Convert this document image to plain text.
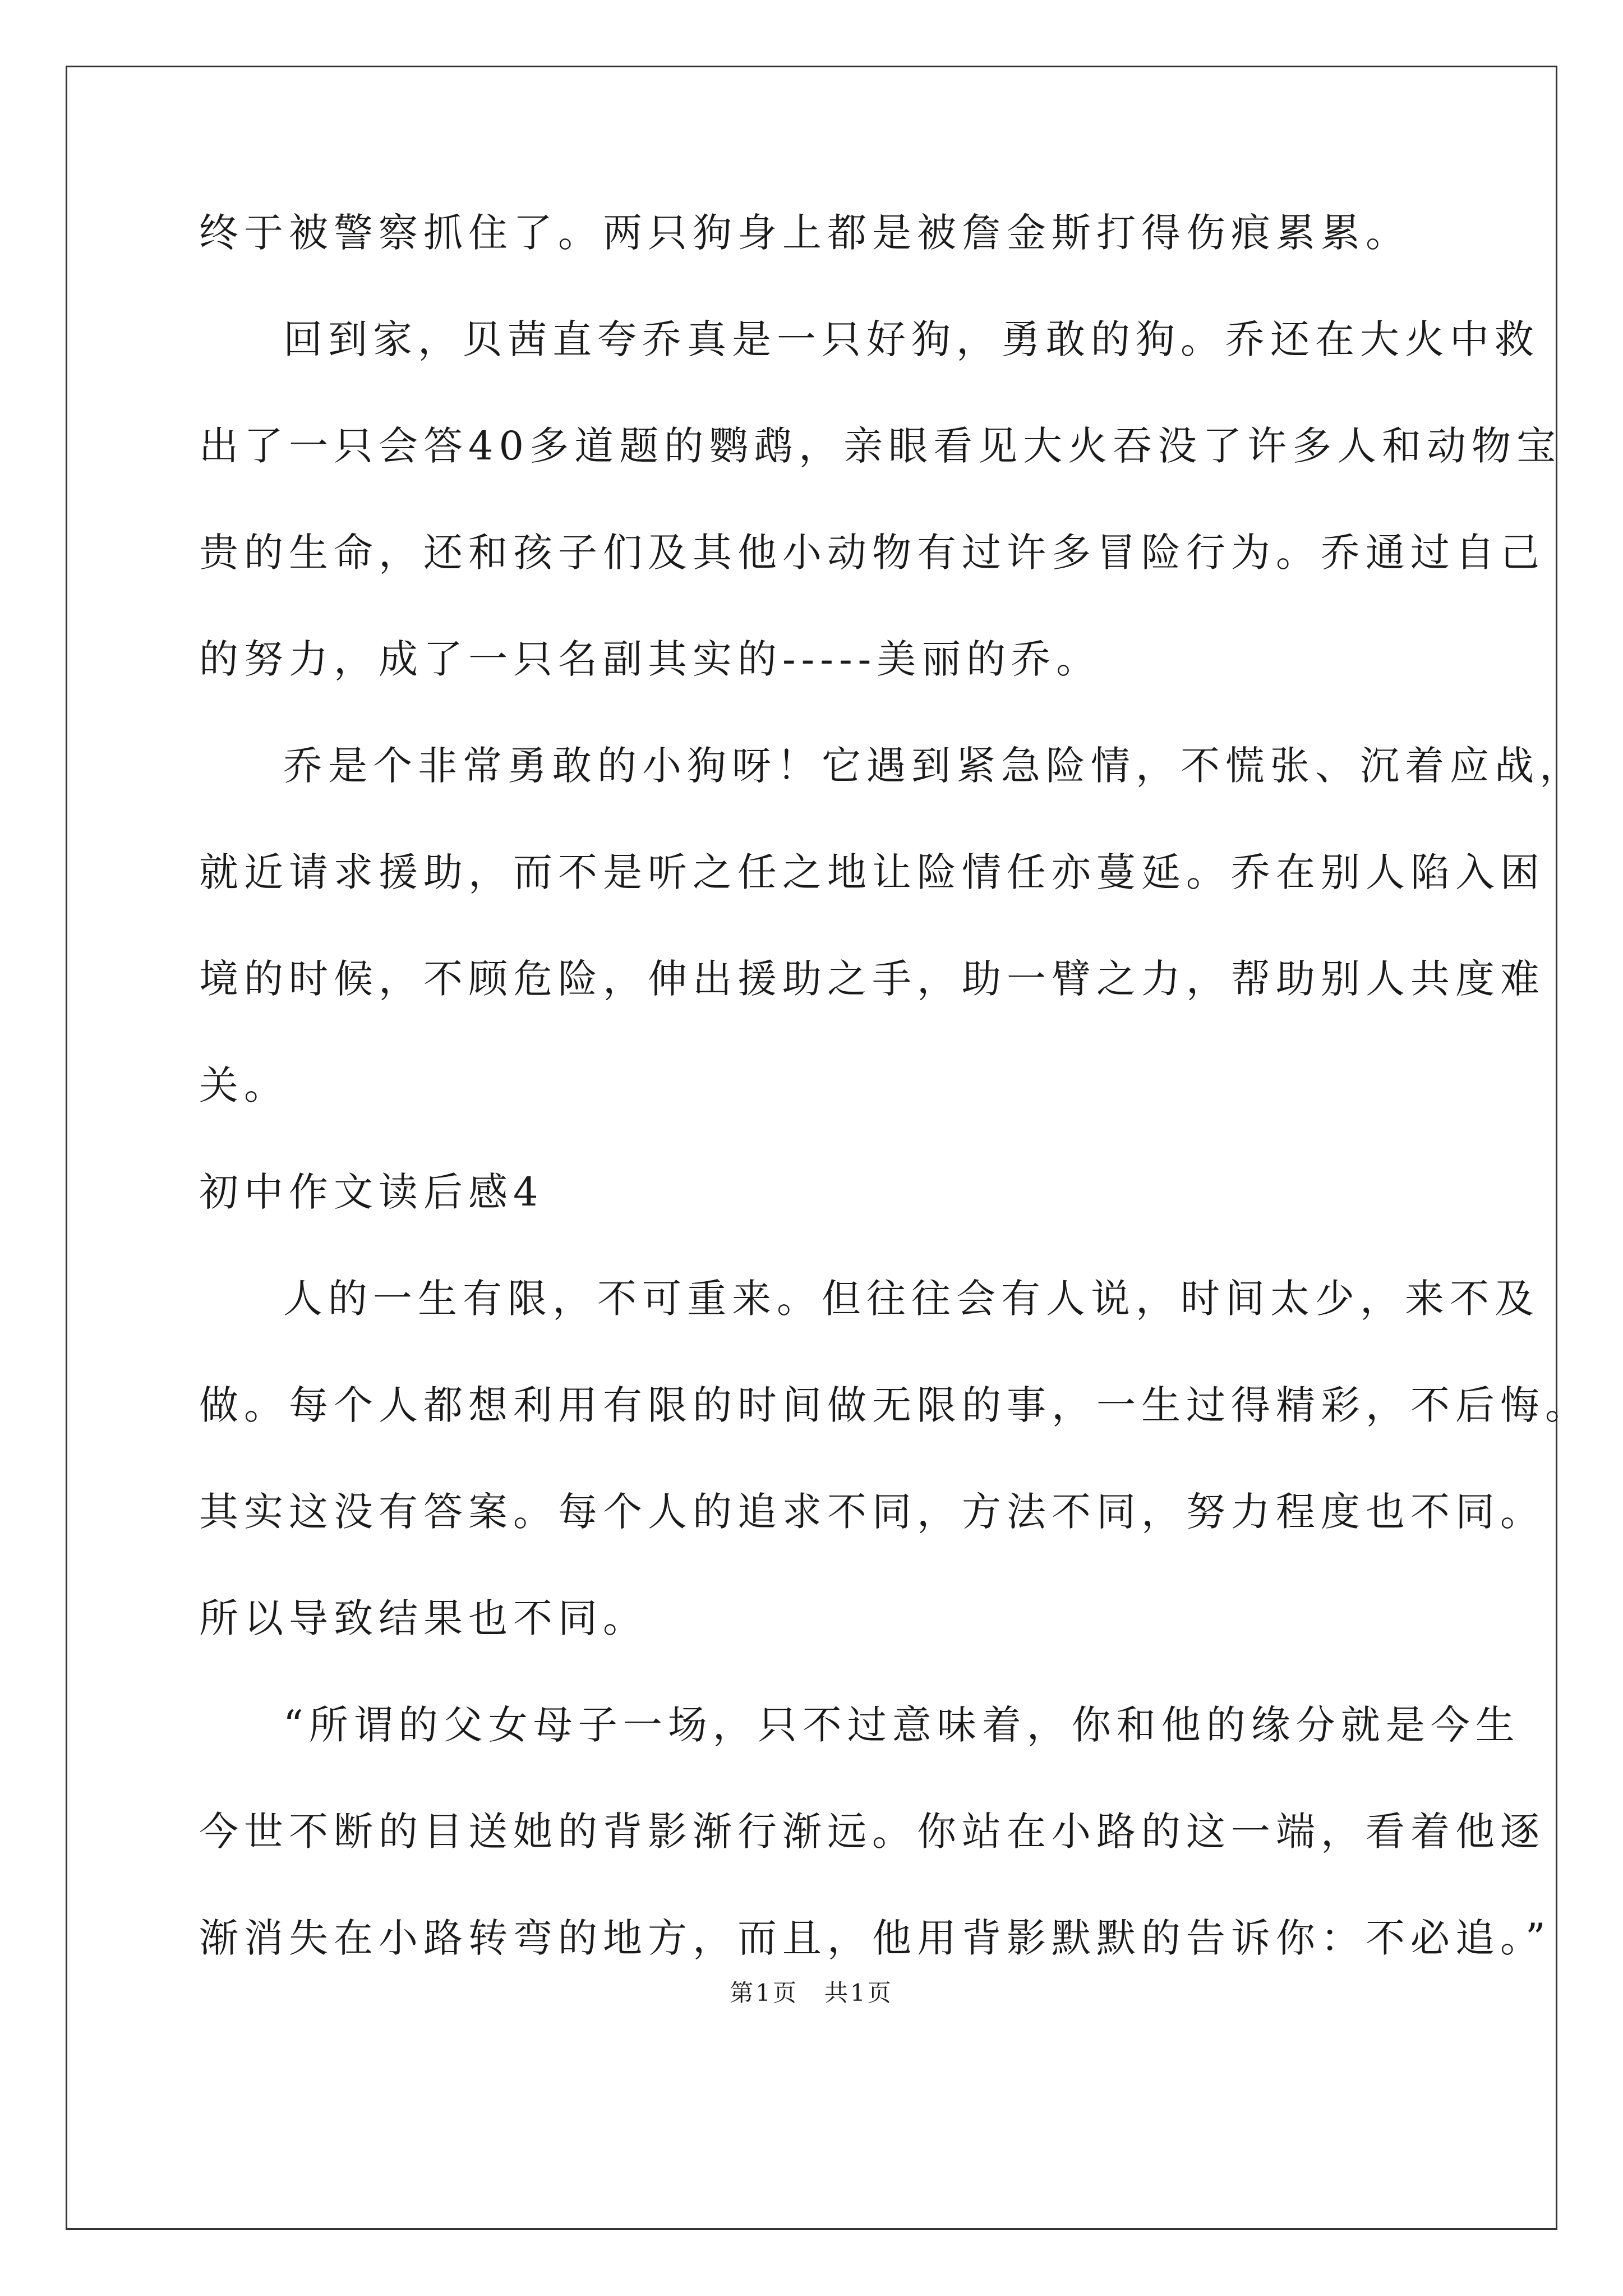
终于被警察抓住了。两只狗身上都是被詹金斯打得伤痕累累。
回到家，贝茜直夸乔真是一只好狗，勇敢的狗。乔还在大火中救
出了一只会答40多道题的鹦鹉，亲眼看见大火吞没了许多人和动物宝
贵的生命，还和孩子们及其他小动物有过许多冒险行为。乔通过自己
的努力，成了一只名副其实的-----美丽的乔。
乔是个非常勇敢的小狗呀！它遇到紧急险情，不慌张、沉着应战，
就近请求援助，而不是听之任之地让险情任亦蔓延。乔在别人陷入困
境的时候，不顾危险，伸出援助之手，助一臂之力，帮助别人共度难
关。
初中作文读后感4
人的一生有限，不可重来。但往往会有人说，时间太少，来不及
做。每个人都想利用有限的时间做无限的事，一生过得精彩，不后悔。
其实这没有答案。每个人的追求不同，方法不同，努力程度也不同。
所以导致结果也不同。
“所谓的父女母子一场，只不过意味着，你和他的缘分就是今生
今世不断的目送她的背影渐行渐远。你站在小路的这一端，看着他逐
渐消失在小路转弯的地方，而且，他用背影默默的告诉你：不必追。”
第1页　共1页
